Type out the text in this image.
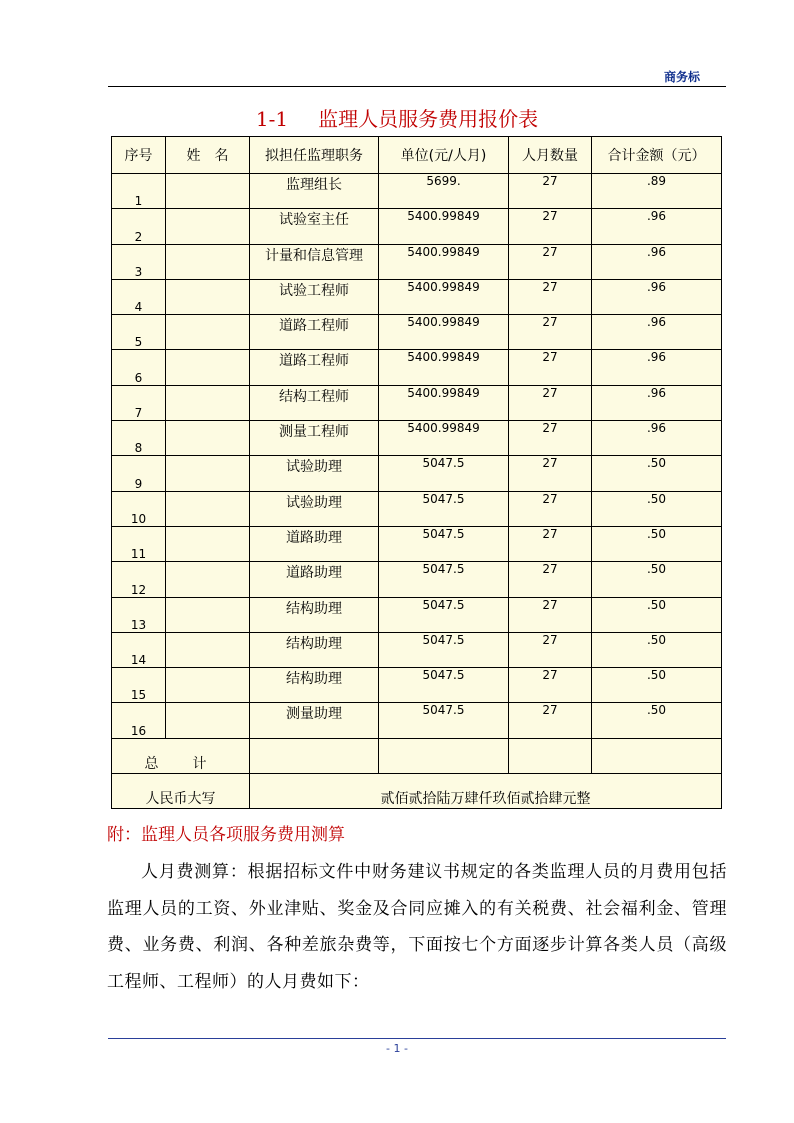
商务标
1-1 监理人员服务费用报价表
序号	姓　名	拟担任监理职务	单位(元/人月)	人月数量	合计金额（元）
1		监理组长	5699.	27	.89
2		试验室主任	5400.99849	27	.96
3		计量和信息管理	5400.99849	27	.96
4		试验工程师	5400.99849	27	.96
5		道路工程师	5400.99849	27	.96
6		道路工程师	5400.99849	27	.96
7		结构工程师	5400.99849	27	.96
8		测量工程师	5400.99849	27	.96
9		试验助理	5047.5	27	.50
10		试验助理	5047.5	27	.50
11		道路助理	5047.5	27	.50
12		道路助理	5047.5	27	.50
13		结构助理	5047.5	27	.50
14		结构助理	5047.5	27	.50
15		结构助理	5047.5	27	.50
16		测量助理	5047.5	27	.50
总　计					
人民币大写		贰佰贰拾陆万肆仟玖佰贰拾肆元整			
附：监理人员各项服务费用测算
人月费测算：根据招标文件中财务建议书规定的各类监理人员的月费用包括监理人员的工资、外业津贴、奖金及合同应摊入的有关税费、社会福利金、管理费、业务费、利润、各种差旅杂费等，下面按七个方面逐步计算各类人员（高级工程师、工程师）的人月费如下：
- 1 -
